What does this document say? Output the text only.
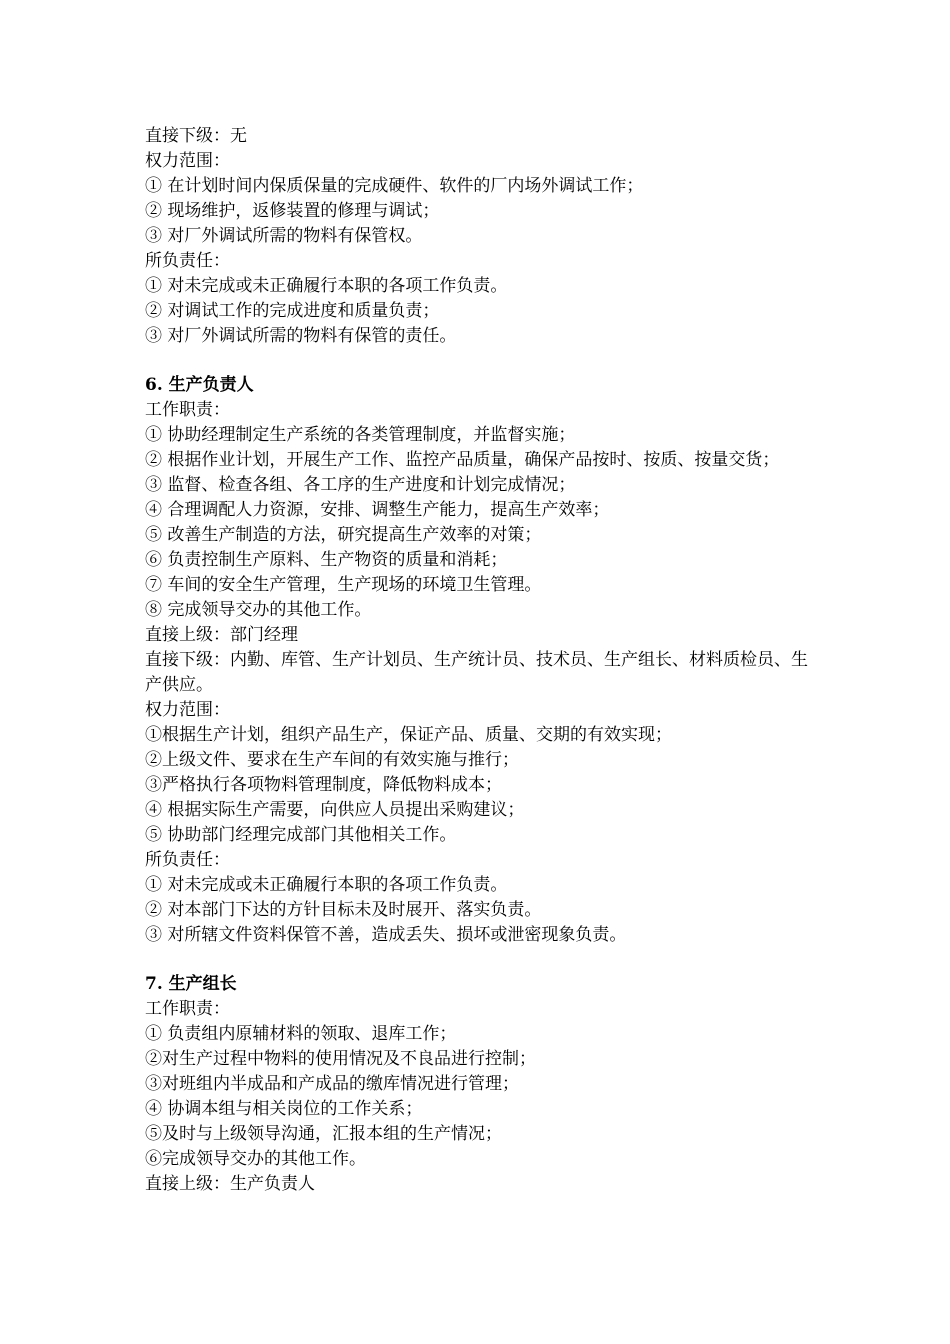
直接下级：无
权力范围：
① 在计划时间内保质保量的完成硬件、软件的厂内场外调试工作；
② 现场维护，返修装置的修理与调试；
③ 对厂外调试所需的物料有保管权。
所负责任：
① 对未完成或未正确履行本职的各项工作负责。
② 对调试工作的完成进度和质量负责；
③ 对厂外调试所需的物料有保管的责任。
6. 生产负责人
工作职责：
① 协助经理制定生产系统的各类管理制度，并监督实施；
② 根据作业计划，开展生产工作、监控产品质量，确保产品按时、按质、按量交货；
③ 监督、检查各组、各工序的生产进度和计划完成情况；
④ 合理调配人力资源，安排、调整生产能力，提高生产效率；
⑤ 改善生产制造的方法，研究提高生产效率的对策；
⑥ 负责控制生产原料、生产物资的质量和消耗；
⑦ 车间的安全生产管理，生产现场的环境卫生管理。
⑧ 完成领导交办的其他工作。
直接上级：部门经理
直接下级：内勤、库管、生产计划员、生产统计员、技术员、生产组长、材料质检员、生产供应。
权力范围：
①根据生产计划，组织产品生产，保证产品、质量、交期的有效实现；
②上级文件、要求在生产车间的有效实施与推行；
③严格执行各项物料管理制度，降低物料成本；
④ 根据实际生产需要，向供应人员提出采购建议；
⑤ 协助部门经理完成部门其他相关工作。
所负责任：
① 对未完成或未正确履行本职的各项工作负责。
② 对本部门下达的方针目标未及时展开、落实负责。
③ 对所辖文件资料保管不善，造成丢失、损坏或泄密现象负责。
7. 生产组长
工作职责：
① 负责组内原辅材料的领取、退库工作；
②对生产过程中物料的使用情况及不良品进行控制；
③对班组内半成品和产成品的缴库情况进行管理；
④ 协调本组与相关岗位的工作关系；
⑤及时与上级领导沟通，汇报本组的生产情况；
⑥完成领导交办的其他工作。
直接上级：生产负责人
